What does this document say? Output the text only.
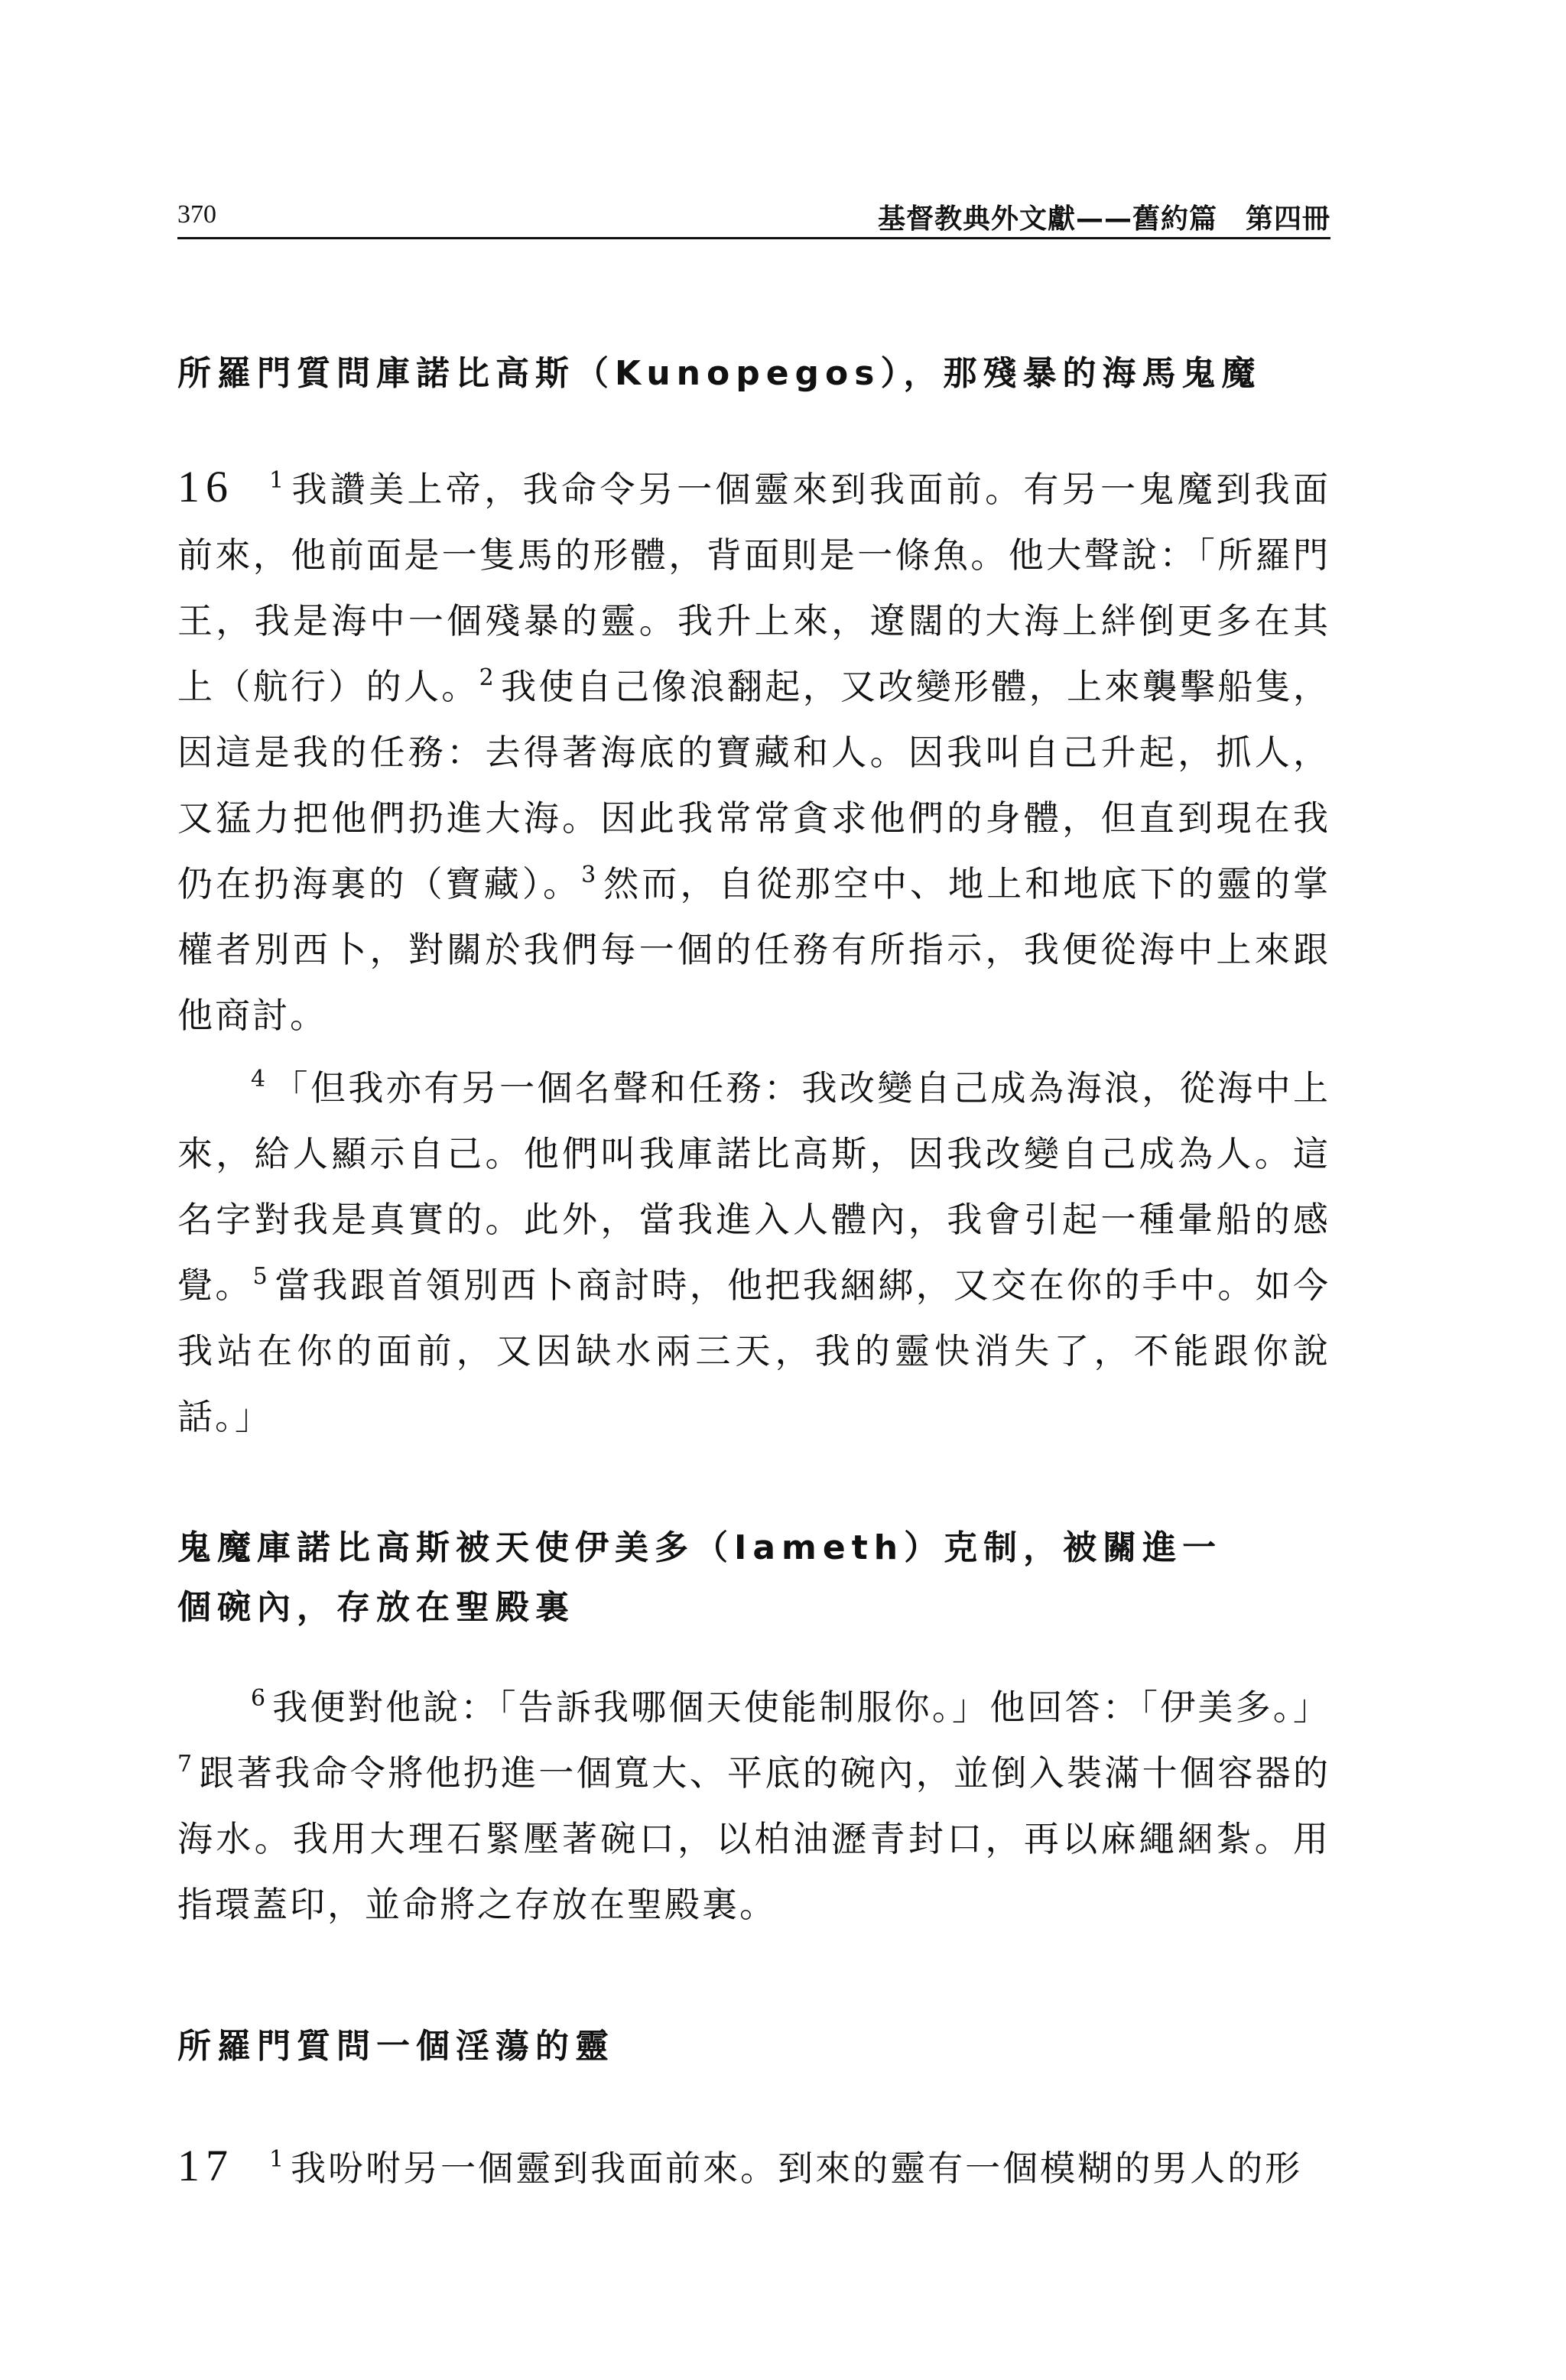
370	基督教典外文獻——舊約篇　第四冊
所羅門質問庫諾比高斯（Kunopegos），那殘暴的海馬鬼魔
16 $^1$ 我讚美上帝，我命令另一個靈來到我面前。有另一鬼魔到我面前來，他前面是一隻馬的形體，背面則是一條魚。他大聲說：「所羅門王，我是海中一個殘暴的靈。我升上來，遼闊的大海上絆倒更多在其上（航行）的人。$^2$ 我使自己像浪翻起，又改變形體，上來襲擊船隻，因這是我的任務：去得著海底的寶藏和人。因我叫自己升起，抓人，又猛力把他們扔進大海。因此我常常貪求他們的身體，但直到現在我仍在扔海裏的（寶藏）。$^3$ 然而，自從那空中、地上和地底下的靈的掌權者別西卜，對關於我們每一個的任務有所指示，我便從海中上來跟他商討。
$^4$ 「但我亦有另一個名聲和任務：我改變自己成為海浪，從海中上來，給人顯示自己。他們叫我庫諾比高斯，因我改變自己成為人。這名字對我是真實的。此外，當我進入人體內，我會引起一種暈船的感覺。$^5$ 當我跟首領別西卜商討時，他把我綑綁，又交在你的手中。如今我站在你的面前，又因缺水兩三天，我的靈快消失了，不能跟你說話。」
鬼魔庫諾比高斯被天使伊美多（Iameth）克制，被關進一
個碗內，存放在聖殿裏
$^6$ 我便對他說：「告訴我哪個天使能制服你。」他回答：「伊美多。」$^7$ 跟著我命令將他扔進一個寬大、平底的碗內，並倒入裝滿十個容器的海水。我用大理石緊壓著碗口，以柏油瀝青封口，再以麻繩綑紮。用指環蓋印，並命將之存放在聖殿裏。
所羅門質問一個淫蕩的靈
17 $^1$ 我吩咐另一個靈到我面前來。到來的靈有一個模糊的男人的形
